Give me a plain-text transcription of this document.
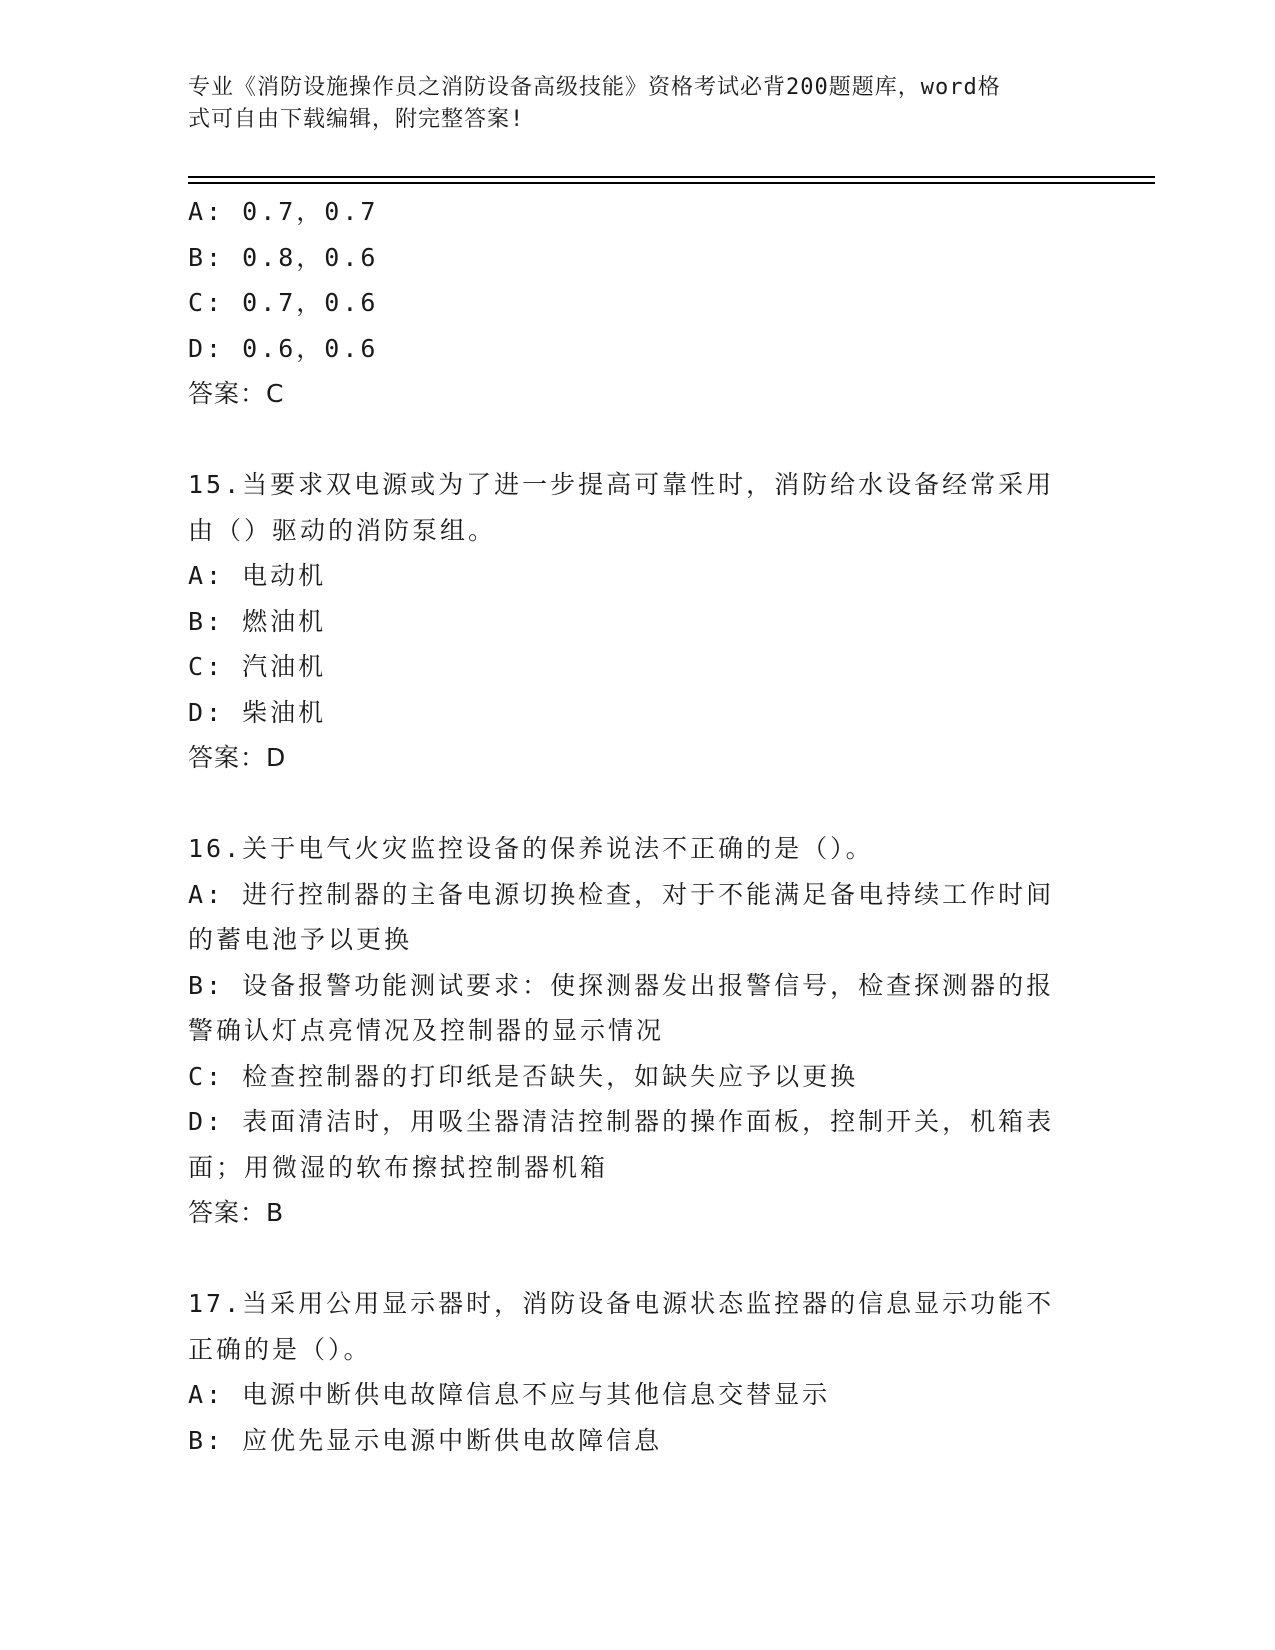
专业《消防设施操作员之消防设备高级技能》资格考试必背200题题库，word格
式可自由下载编辑，附完整答案!
A: 0.7，0.7
B: 0.8，0.6
C: 0.7，0.6
D: 0.6，0.6
答案：C
15.当要求双电源或为了进一步提高可靠性时，消防给水设备经常采用
由（）驱动的消防泵组。
A: 电动机
B: 燃油机
C: 汽油机
D: 柴油机
答案：D
16.关于电气火灾监控设备的保养说法不正确的是（）。
A: 进行控制器的主备电源切换检查，对于不能满足备电持续工作时间
的蓄电池予以更换
B: 设备报警功能测试要求：使探测器发出报警信号，检查探测器的报
警确认灯点亮情况及控制器的显示情况
C: 检查控制器的打印纸是否缺失，如缺失应予以更换
D: 表面清洁时，用吸尘器清洁控制器的操作面板，控制开关，机箱表
面；用微湿的软布擦拭控制器机箱
答案：B
17.当采用公用显示器时，消防设备电源状态监控器的信息显示功能不
正确的是（）。
A: 电源中断供电故障信息不应与其他信息交替显示
B: 应优先显示电源中断供电故障信息
